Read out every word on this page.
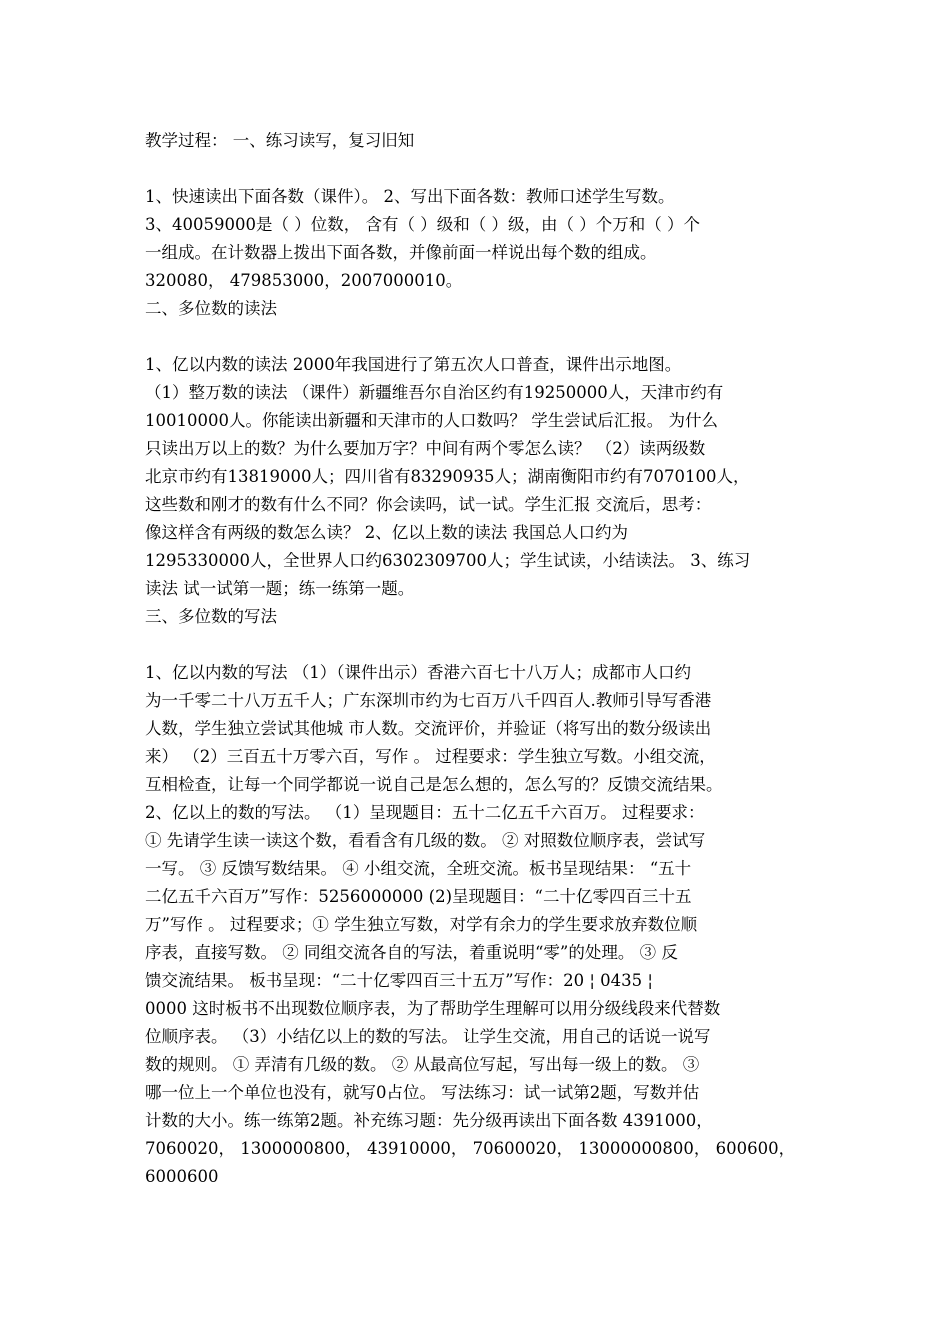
教学过程： 一、练习读写，复习旧知
1、快速读出下面各数（课件）。 2、写出下面各数：教师口述学生写数。
3、40059000是（ ）位数， 含有（ ）级和（ ）级，由（ ）个万和（ ）个
一组成。在计数器上拨出下面各数，并像前面一样说出每个数的组成。
320080， 479853000，2007000010。
二、多位数的读法
1、亿以内数的读法 2000年我国进行了第五次人口普查，课件出示地图。
（1）整万数的读法 （课件）新疆维吾尔自治区约有19250000人，天津市约有
10010000人。你能读出新疆和天津市的人口数吗？ 学生尝试后汇报。 为什么
只读出万以上的数？为什么要加万字？中间有两个零怎么读？ （2）读两级数
北京市约有13819000人；四川省有83290935人；湖南衡阳市约有7070100人，
这些数和刚才的数有什么不同？你会读吗，试一试。学生汇报 交流后，思考：
像这样含有两级的数怎么读？ 2、亿以上数的读法 我国总人口约为
1295330000人，全世界人口约6302309700人；学生试读，小结读法。 3、练习
读法 试一试第一题；练一练第一题。
三、多位数的写法
1、亿以内数的写法 （1）（课件出示）香港六百七十八万人；成都市人口约
为一千零二十八万五千人；广东深圳市约为七百万八千四百人.教师引导写香港
人数，学生独立尝试其他城 市人数。交流评价，并验证（将写出的数分级读出
来） （2）三百五十万零六百，写作 。 过程要求：学生独立写数。小组交流，
互相检查，让每一个同学都说一说自己是怎么想的，怎么写的？反馈交流结果。
2、亿以上的数的写法。 （1）呈现题目：五十二亿五千六百万。 过程要求：
① 先请学生读一读这个数，看看含有几级的数。 ② 对照数位顺序表，尝试写
一写。 ③ 反馈写数结果。 ④ 小组交流，全班交流。板书呈现结果： “五十
二亿五千六百万”写作：5256000000 (2)呈现题目：“二十亿零四百三十五
万”写作 。 过程要求；① 学生独立写数，对学有余力的学生要求放弃数位顺
序表，直接写数。 ② 同组交流各自的写法，着重说明“零”的处理。 ③ 反
馈交流结果。 板书呈现：“二十亿零四百三十五万”写作：20 ¦ 0435 ¦
0000 这时板书不出现数位顺序表，为了帮助学生理解可以用分级线段来代替数
位顺序表。 （3）小结亿以上的数的写法。 让学生交流，用自己的话说一说写
数的规则。 ① 弄清有几级的数。 ② 从最高位写起，写出每一级上的数。 ③
哪一位上一个单位也没有，就写0占位。 写法练习：试一试第2题，写数并估
计数的大小。练一练第2题。补充练习题：先分级再读出下面各数 4391000，
7060020， 1300000800， 43910000， 70600020， 13000000800， 600600，
6000600
